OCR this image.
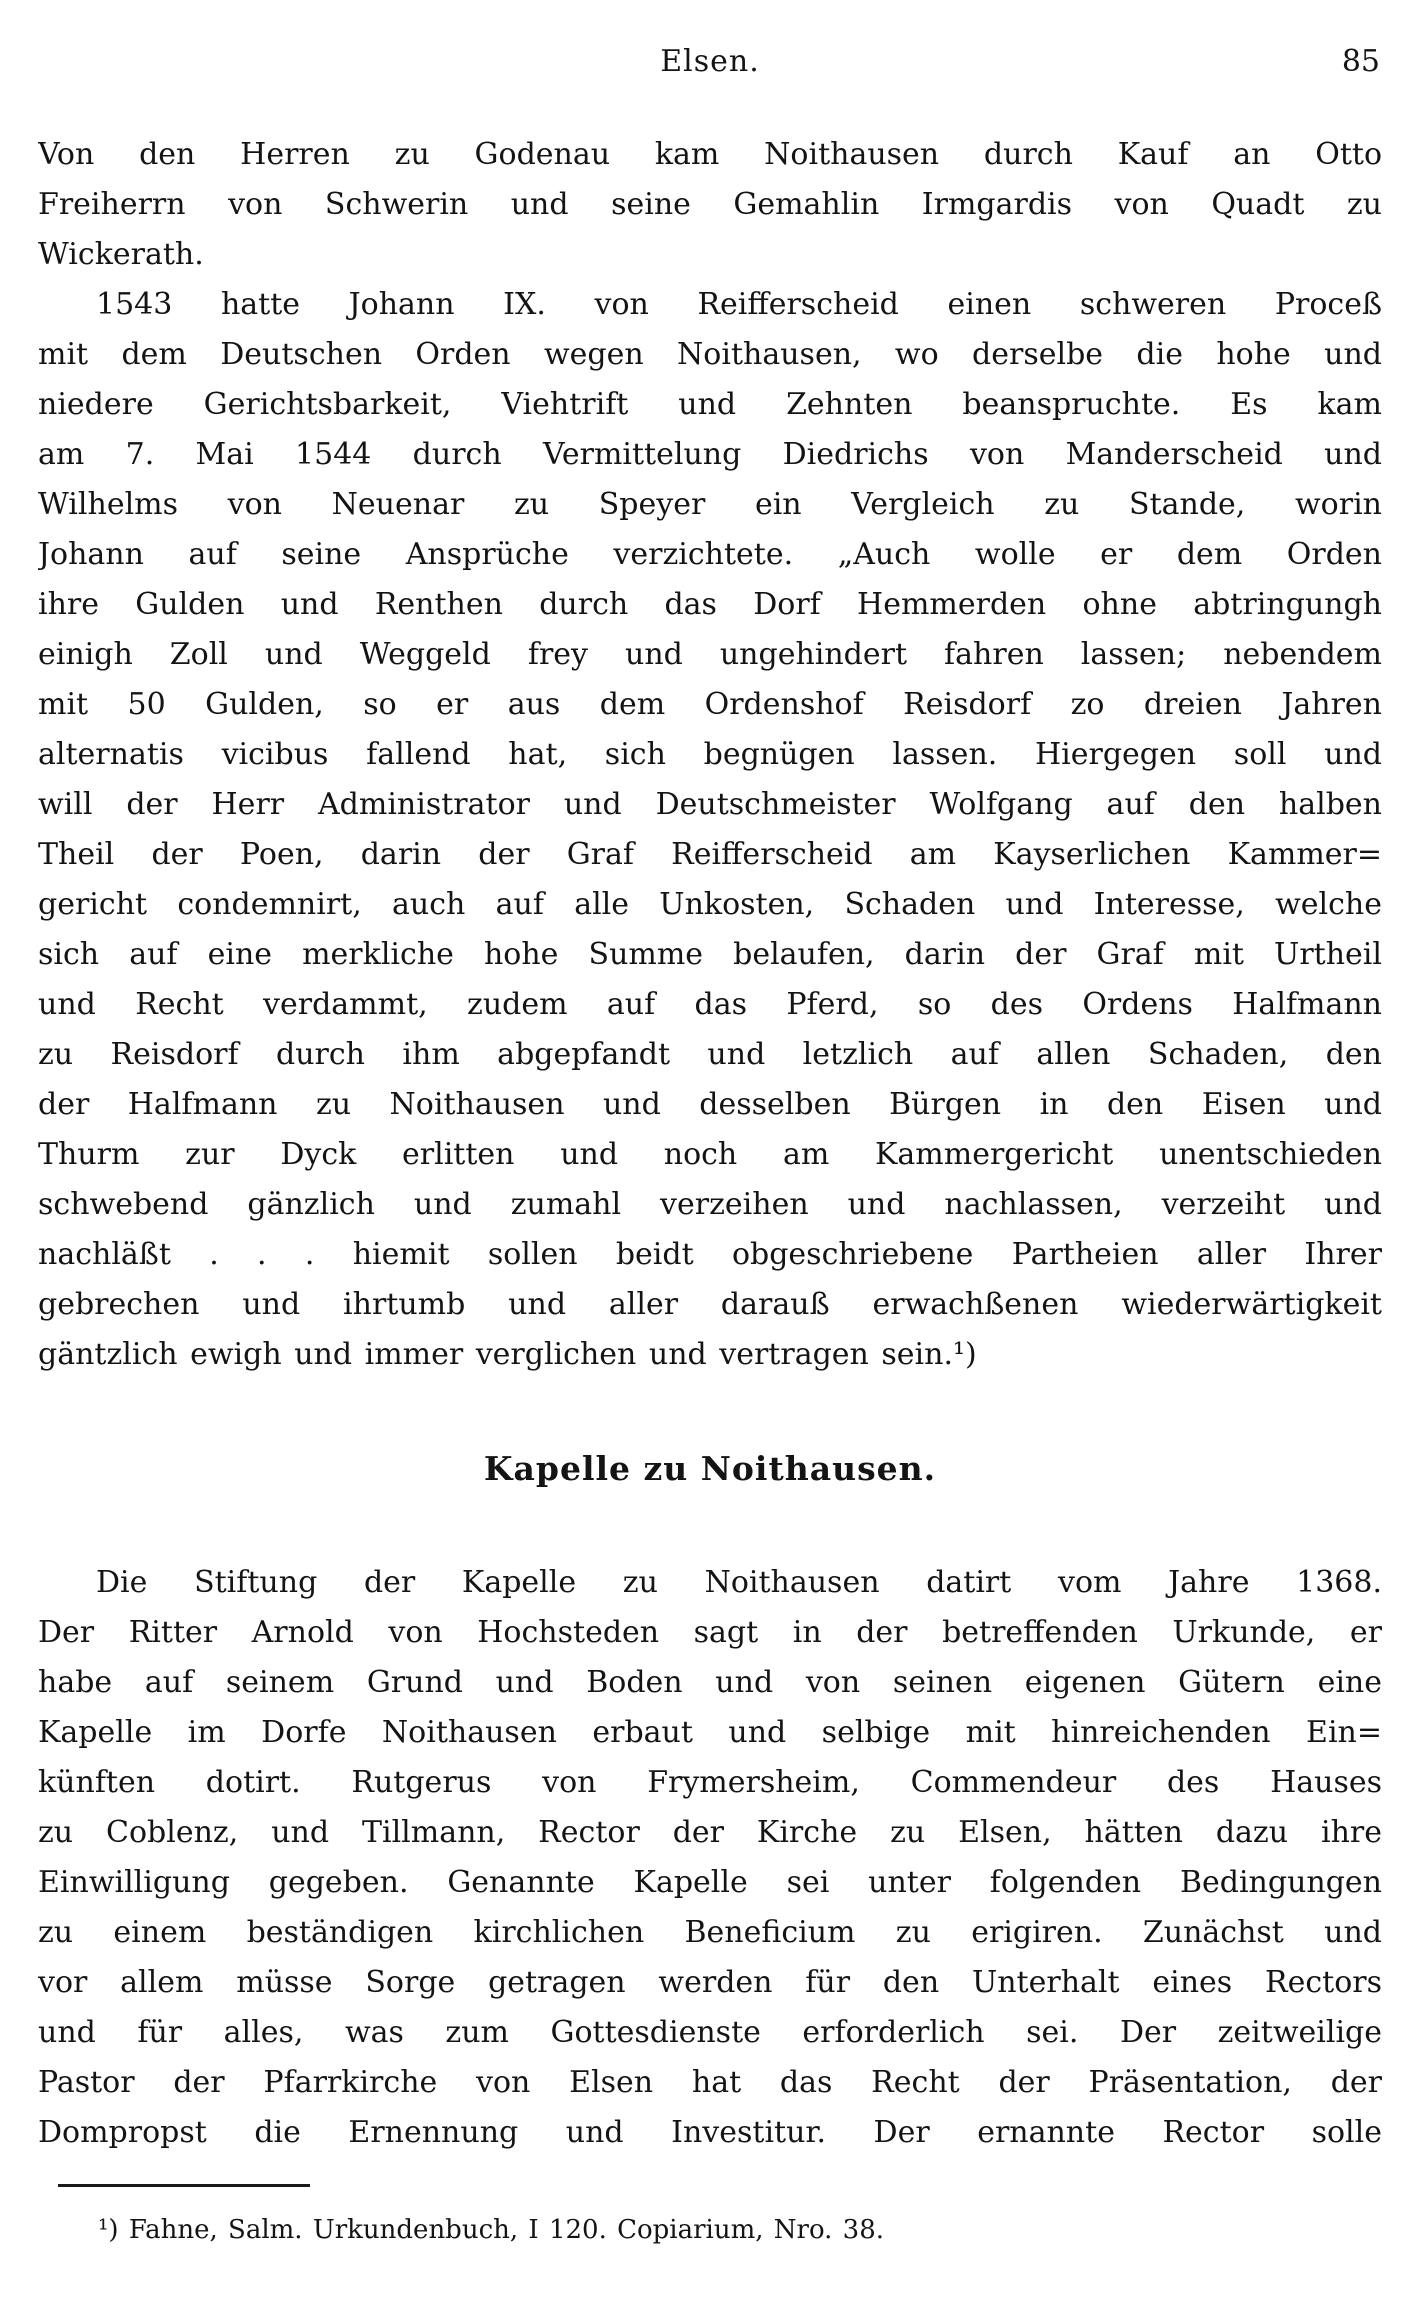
Elsen.	85
Von den Herren zu Godenau kam Noithausen durch Kauf an Otto
Freiherrn von Schwerin und seine Gemahlin Irmgardis von Quadt zu
Wickerath.
1543 hatte Johann IX. von Reifferscheid einen schweren Proceß
mit dem Deutschen Orden wegen Noithausen, wo derselbe die hohe und
niedere Gerichtsbarkeit, Viehtrift und Zehnten beanspruchte. Es kam
am 7. Mai 1544 durch Vermittelung Diedrichs von Manderscheid und
Wilhelms von Neuenar zu Speyer ein Vergleich zu Stande, worin
Johann auf seine Ansprüche verzichtete. „Auch wolle er dem Orden
ihre Gulden und Renthen durch das Dorf Hemmerden ohne abtringungh
einigh Zoll und Weggeld frey und ungehindert fahren lassen; nebendem
mit 50 Gulden, so er aus dem Ordenshof Reisdorf zo dreien Jahren
alternatis vicibus fallend hat, sich begnügen lassen. Hiergegen soll und
will der Herr Administrator und Deutschmeister Wolfgang auf den halben
Theil der Poen, darin der Graf Reifferscheid am Kayserlichen Kammer=
gericht condemnirt, auch auf alle Unkosten, Schaden und Interesse, welche
sich auf eine merkliche hohe Summe belaufen, darin der Graf mit Urtheil
und Recht verdammt, zudem auf das Pferd, so des Ordens Halfmann
zu Reisdorf durch ihm abgepfandt und letzlich auf allen Schaden, den
der Halfmann zu Noithausen und desselben Bürgen in den Eisen und
Thurm zur Dyck erlitten und noch am Kammergericht unentschieden
schwebend gänzlich und zumahl verzeihen und nachlassen, verzeiht und
nachläßt . . . hiemit sollen beidt obgeschriebene Partheien aller Ihrer
gebrechen und ihrtumb und aller darauß erwachßenen wiederwärtigkeit
gäntzlich ewigh und immer verglichen und vertragen sein.¹)
Kapelle zu Noithausen.
Die Stiftung der Kapelle zu Noithausen datirt vom Jahre 1368.
Der Ritter Arnold von Hochsteden sagt in der betreffenden Urkunde, er
habe auf seinem Grund und Boden und von seinen eigenen Gütern eine
Kapelle im Dorfe Noithausen erbaut und selbige mit hinreichenden Ein=
künften dotirt. Rutgerus von Frymersheim, Commendeur des Hauses
zu Coblenz, und Tillmann, Rector der Kirche zu Elsen, hätten dazu ihre
Einwilligung gegeben. Genannte Kapelle sei unter folgenden Bedingungen
zu einem beständigen kirchlichen Beneficium zu erigiren. Zunächst und
vor allem müsse Sorge getragen werden für den Unterhalt eines Rectors
und für alles, was zum Gottesdienste erforderlich sei. Der zeitweilige
Pastor der Pfarrkirche von Elsen hat das Recht der Präsentation, der
Dompropst die Ernennung und Investitur. Der ernannte Rector solle
¹) Fahne, Salm. Urkundenbuch, I 120. Copiarium, Nro. 38.
